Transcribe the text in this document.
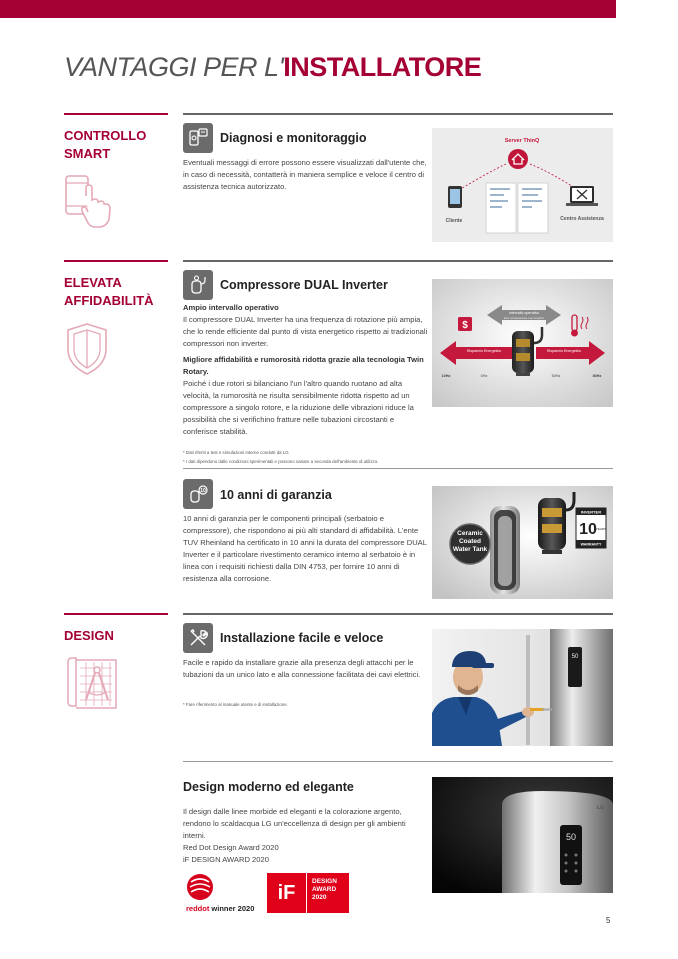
VANTAGGI PER L'INSTALLATORE
CONTROLLO SMART
Diagnosi e monitoraggio
Eventuali messaggi di errore possono essere visualizzati dall'utente che, in caso di necessità, contatterà in maniera semplice e veloce il centro di assistenza tecnica autorizzato.
Server ThinQ
Cliente	Centro Assistenza
ELEVATA AFFIDABILITÀ
Compressore DUAL Inverter

Ampio intervallo operativo

Il compressore DUAL Inverter ha una frequenza di rotazione più ampia, che lo rende efficiente dal punto di vista energetico rispetto ai tradizionali compressori non inverter.

Migliore affidabilità e rumorosità ridotta grazie alla tecnologia Twin Rotary.

Poiché i due rotori si bilanciano l'un l'altro quando ruotano ad alta velocità, la rumorosità ne risulta sensibilmente ridotta rispetto ad un compressore a singolo rotore, e la riduzione delle vibrazioni riduce la possibilità che si verifichino fratture nelle tubazioni circostanti e conferisce stabilità.

* Dati riferiti a test e simulazioni interne condotti da LG
* I dati dipendono dalle condizioni sperimentali e possono variare a seconda dell'ambiente di utilizzo.
Intervallo operativo
Eco compressore non inverter
Risparmio Energetico	Risparmio Energetico
$
10Hz	0Hz	50Hz	80Hz
10 10 anni di garanzia
10 anni di garanzia per le componenti principali (serbatoio e compressore), che rispondono ai più alti standard di affidabilità. L'ente TUV Rheinland ha certificato in 10 anni la durata del compressore DUAL Inverter e il particolare rivestimento ceramico interno al serbatoio è in linea con i requisiti richiesti dalla DIN 4753, per fornire 10 anni di resistenza alla corrosione.
Ceramic Coated Water Tank
INVERTER
10 YEARS
WARRANTY
DESIGN	Installazione facile e veloce
Facile e rapido da installare grazie alla presenza degli attacchi per le tubazioni da un unico lato e alla connessione facilitata dei cavi elettrici.
* Fare riferimento al manuale utente e di installazione.
50
Design moderno ed elegante

Il design dalle linee morbide ed eleganti e la colorazione argento, rendono lo scaldacqua LG un'eccellenza di design per gli ambienti interni.

Red Dot Design Award 2020

iF DESIGN AWARD 2020

reddot winner 2020
iF	DESIGN
AWARD
2020
LG
50
5
